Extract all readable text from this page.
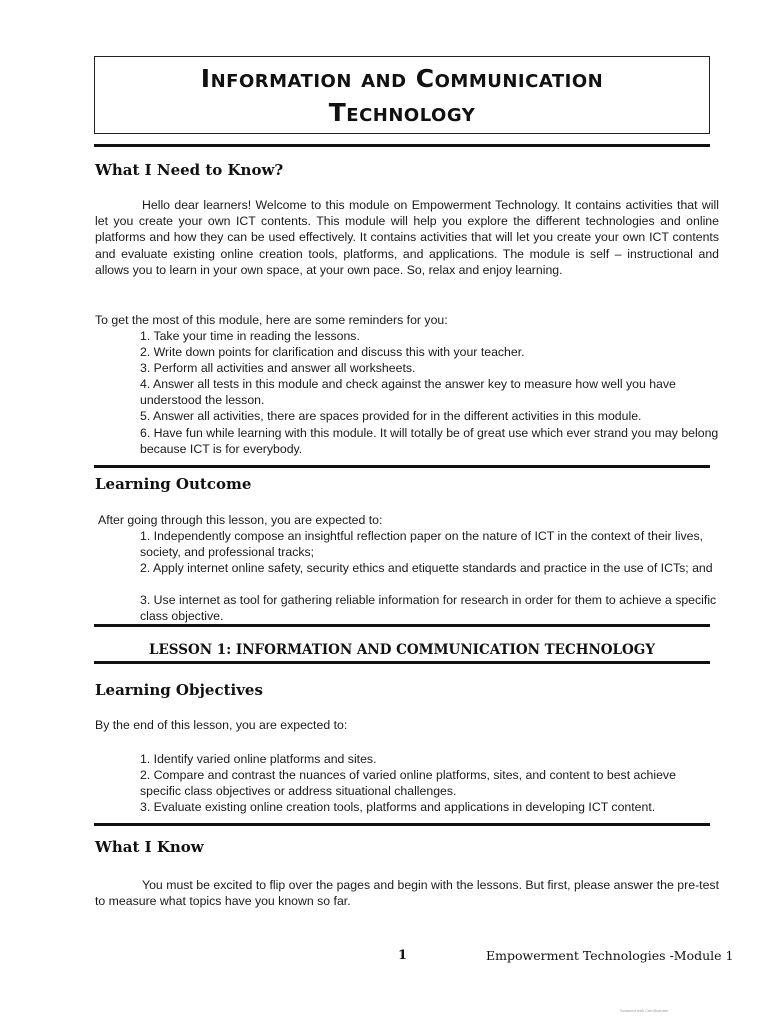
Information and Communication
Technology
What I Need to Know?

Hello dear learners! Welcome to this module on Empowerment Technology. It contains activities that will let you create your own ICT contents. This module will help you explore the different technologies and online platforms and how they can be used effectively. It contains activities that will let you create your own ICT contents and evaluate existing online creation tools, platforms, and applications. The module is self – instructional and allows you to learn in your own space, at your own pace. So, relax and enjoy learning.

To get the most of this module, here are some reminders for you:

1. Take your time in reading the lessons.

2. Write down points for clarification and discuss this with your teacher.

3. Perform all activities and answer all worksheets.

4. Answer all tests in this module and check against the answer key to measure how well you have understood the lesson.

5. Answer all activities, there are spaces provided for in the different activities in this module.

6. Have fun while learning with this module. It will totally be of great use which ever strand you may belong because ICT is for everybody.

Learning Outcome

After going through this lesson, you are expected to:

1. Independently compose an insightful reflection paper on the nature of ICT in the context of their lives, society, and professional tracks;

2. Apply internet online safety, security ethics and etiquette standards and practice in the use of ICTs; and

3. Use internet as tool for gathering reliable information for research in order for them to achieve a specific class objective.

LESSON 1: INFORMATION AND COMMUNICATION TECHNOLOGY
Learning Objectives

By the end of this lesson, you are expected to:

1. Identify varied online platforms and sites.

2. Compare and contrast the nuances of varied online platforms, sites, and content to best achieve specific class objectives or address situational challenges.

3. Evaluate existing online creation tools, platforms and applications in developing ICT content.

What I Know

You must be excited to flip over the pages and begin with the lessons. But first, please answer the pre-test to measure what topics have you known so far.

1	Empowerment Technologies -Module 1
Scanned with CamScanner
